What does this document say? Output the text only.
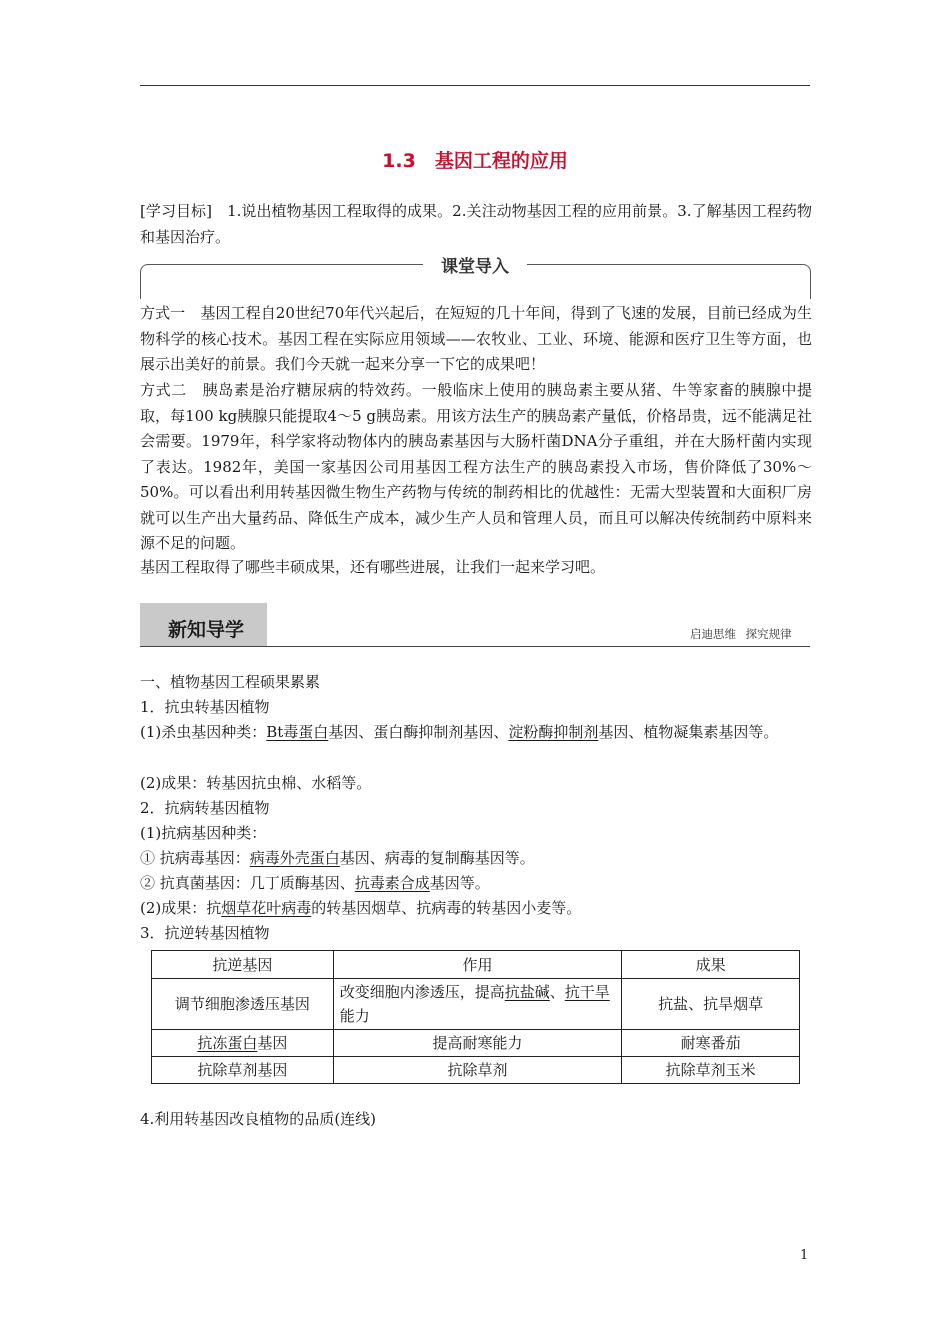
1.3　基因工程的应用
[学习目标]　1.说出植物基因工程取得的成果。2.关注动物基因工程的应用前景。3.了解基因工程药物和基因治疗。
课堂导入
方式一　基因工程自20世纪70年代兴起后，在短短的几十年间，得到了飞速的发展，目前已经成为生物科学的核心技术。基因工程在实际应用领域——农牧业、工业、环境、能源和医疗卫生等方面，也展示出美好的前景。我们今天就一起来分享一下它的成果吧！
方式二　胰岛素是治疗糖尿病的特效药。一般临床上使用的胰岛素主要从猪、牛等家畜的胰腺中提取，每100 kg胰腺只能提取4～5 g胰岛素。用该方法生产的胰岛素产量低，价格昂贵，远不能满足社会需要。1979年，科学家将动物体内的胰岛素基因与大肠杆菌DNA分子重组，并在大肠杆菌内实现了表达。1982年，美国一家基因公司用基因工程方法生产的胰岛素投入市场，售价降低了30%～50%。可以看出利用转基因微生物生产药物与传统的制药相比的优越性：无需大型装置和大面积厂房就可以生产出大量药品、降低生产成本，减少生产人员和管理人员，而且可以解决传统制药中原料来源不足的问题。
基因工程取得了哪些丰硕成果，还有哪些进展，让我们一起来学习吧。
新知导学	启迪思维 探究规律
一、植物基因工程硕果累累
1．抗虫转基因植物
(1)杀虫基因种类：Bt毒蛋白基因、蛋白酶抑制剂基因、淀粉酶抑制剂基因、植物凝集素基因等。
(2)成果：转基因抗虫棉、水稻等。
2．抗病转基因植物
(1)抗病基因种类：
① 抗病毒基因：病毒外壳蛋白基因、病毒的复制酶基因等。
② 抗真菌基因：几丁质酶基因、抗毒素合成基因等。
(2)成果：抗烟草花叶病毒的转基因烟草、抗病毒的转基因小麦等。
3．抗逆转基因植物
抗逆基因	作用	成果
调节细胞渗透压基因	改变细胞内渗透压，提高抗盐碱、抗干旱能力	抗盐、抗旱烟草
抗冻蛋白基因	提高耐寒能力	耐寒番茄
抗除草剂基因	抗除草剂	抗除草剂玉米
4.利用转基因改良植物的品质(连线)
1
